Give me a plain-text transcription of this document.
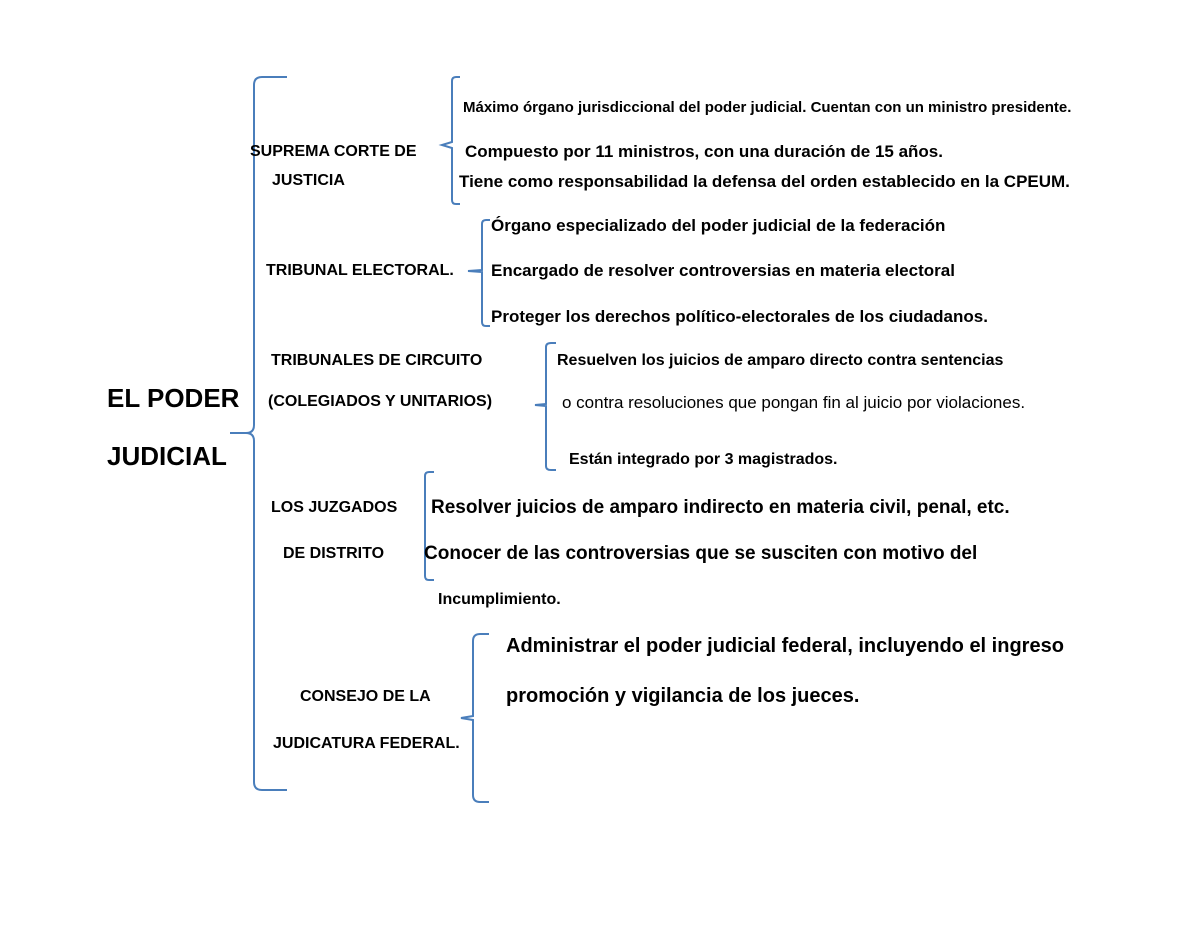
EL PODER
JUDICIAL
SUPREMA CORTE DE
JUSTICIA
Máximo órgano jurisdiccional del poder judicial. Cuentan con un ministro presidente.
Compuesto por 11 ministros, con una duración de 15 años.
Tiene como responsabilidad la defensa del orden establecido en la CPEUM.
TRIBUNAL ELECTORAL.
Órgano especializado del poder judicial de la federación
Encargado de resolver controversias en materia electoral
Proteger los derechos político-electorales de los ciudadanos.
TRIBUNALES DE CIRCUITO
(COLEGIADOS Y UNITARIOS)
Resuelven los juicios de amparo directo contra sentencias
o contra resoluciones que pongan fin al juicio por violaciones.
Están integrado por 3 magistrados.
LOS JUZGADOS
DE DISTRITO
Resolver juicios de amparo indirecto en materia civil, penal, etc.
Conocer de las controversias que se susciten con motivo del
Incumplimiento.
CONSEJO DE LA
JUDICATURA FEDERAL.
Administrar el poder judicial federal, incluyendo el ingreso
promoción y vigilancia de los jueces.
